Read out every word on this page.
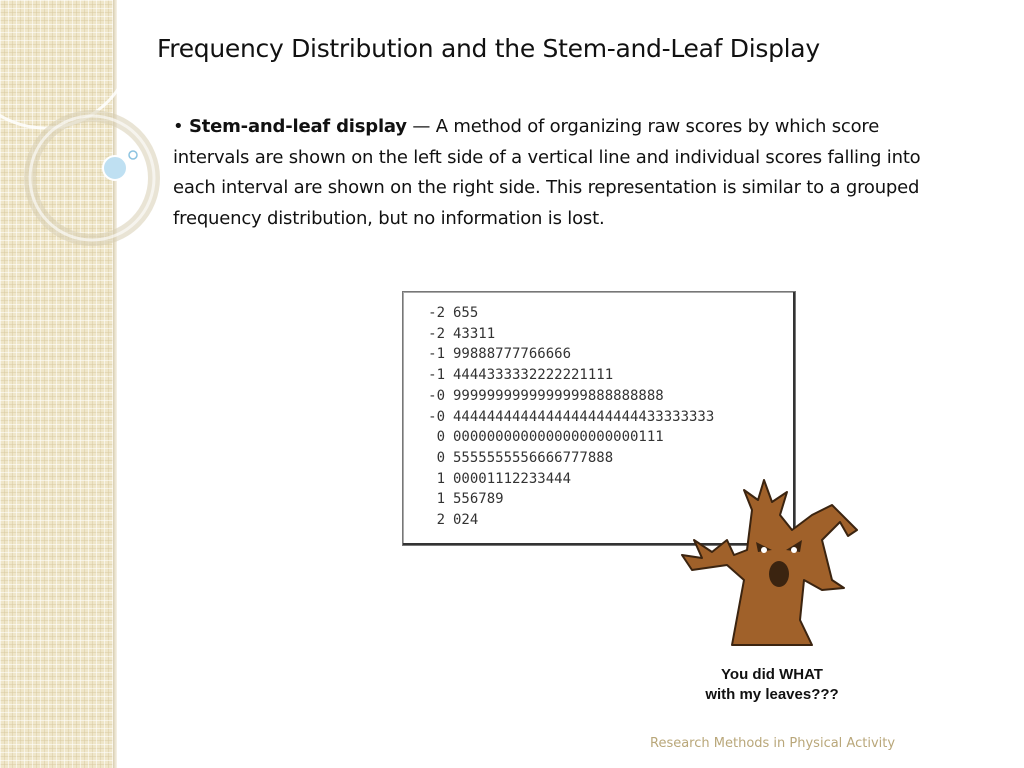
Frequency Distribution and the Stem-and-Leaf Display
• Stem-and-leaf display — A method of organizing raw scores by which score intervals are shown on the left side of a vertical line and individual scores falling into each interval are shown on the right side. This representation is similar to a grouped frequency distribution, but no information is lost.
-2 655
-2 43311
-1 99888777766666
-1 4444333332222221111
-0 9999999999999999888888888
-0 4444444444444444444444433333333
0 0000000000000000000000111
0 5555555556666777888
1 00001112233444
1 556789
2 024
You did WHAT
with my leaves???
Research Methods in Physical Activity
